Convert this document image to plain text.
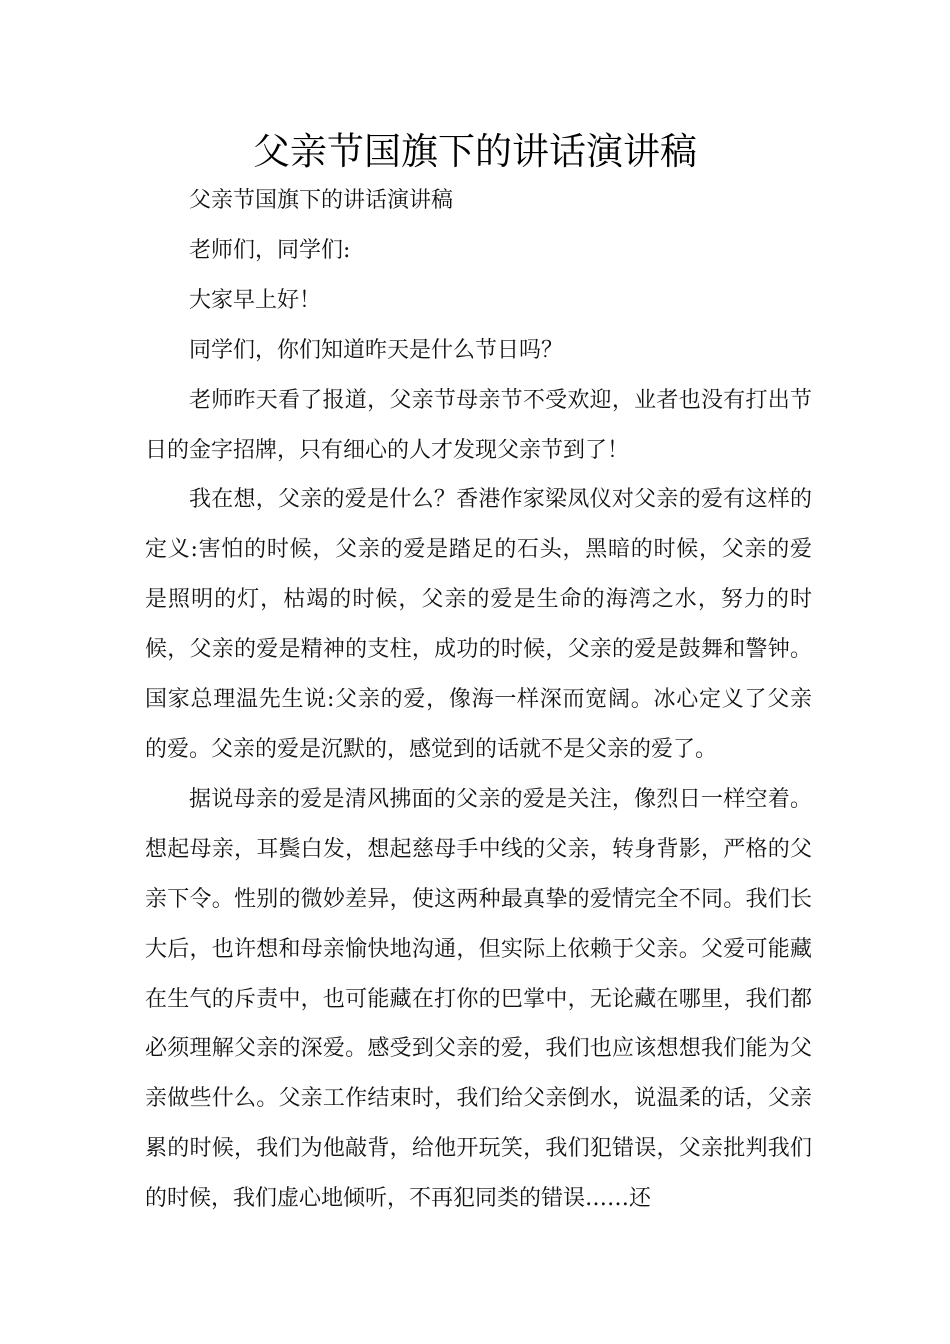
父亲节国旗下的讲话演讲稿

父亲节国旗下的讲话演讲稿

老师们，同学们:

大家早上好！

同学们，你们知道昨天是什么节日吗？

老师昨天看了报道，父亲节母亲节不受欢迎，业者也没有打出节日的金字招牌，只有细心的人才发现父亲节到了！

我在想，父亲的爱是什么？香港作家梁凤仪对父亲的爱有这样的定义:害怕的时候，父亲的爱是踏足的石头，黑暗的时候，父亲的爱是照明的灯，枯竭的时候，父亲的爱是生命的海湾之水，努力的时候，父亲的爱是精神的支柱，成功的时候，父亲的爱是鼓舞和警钟。国家总理温先生说:父亲的爱，像海一样深而宽阔。冰心定义了父亲的爱。父亲的爱是沉默的，感觉到的话就不是父亲的爱了。

据说母亲的爱是清风拂面的父亲的爱是关注，像烈日一样空着。想起母亲，耳鬓白发，想起慈母手中线的父亲，转身背影，严格的父亲下令。性别的微妙差异，使这两种最真挚的爱情完全不同。我们长大后，也许想和母亲愉快地沟通，但实际上依赖于父亲。父爱可能藏在生气的斥责中，也可能藏在打你的巴掌中，无论藏在哪里，我们都必须理解父亲的深爱。感受到父亲的爱，我们也应该想想我们能为父亲做些什么。父亲工作结束时，我们给父亲倒水，说温柔的话，父亲累的时候，我们为他敲背，给他开玩笑，我们犯错误，父亲批判我们的时候，我们虚心地倾听，不再犯同类的错误……还
